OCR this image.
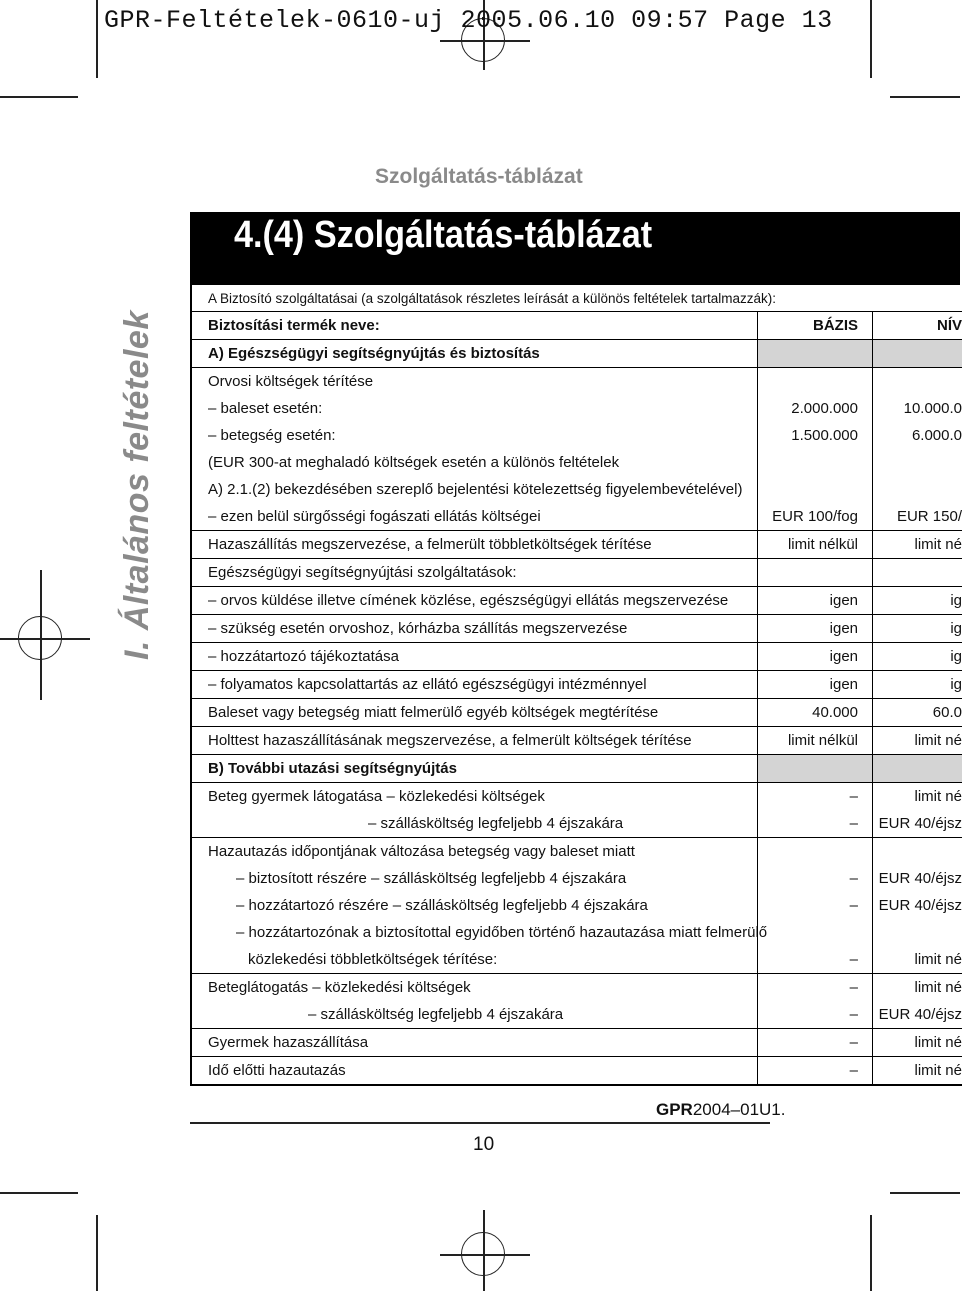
GPR-Feltételek-0610-uj 2005.06.10 09:57 Page 13
I. Általános feltételek
Szolgáltatás-táblázat
4.(4) Szolgáltatás-táblázat
A Biztosító szolgáltatásai (a szolgáltatások részletes leírását a különös feltételek tartalmazzák):
Biztosítási termék neve:	BÁZIS	NÍV
A) Egészségügyi segítségnyújtás és biztosítás
Orvosi költségek térítése
– baleset esetén:	2.000.000	10.000.0
– betegség esetén:	1.500.000	6.000.0
(EUR 300-at meghaladó költségek esetén a különös feltételek
A) 2.1.(2) bekezdésében szereplő bejelentési kötelezettség figyelembevételével)
– ezen belül sürgősségi fogászati ellátás költségei	EUR 100/fog	EUR 150/
Hazaszállítás megszervezése, a felmerült többletköltségek térítése	limit nélkül	limit né
Egészségügyi segítségnyújtási szolgáltatások:
– orvos küldése illetve címének közlése, egészségügyi ellátás megszervezése	igen	ig
– szükség esetén orvoshoz, kórházba szállítás megszervezése	igen	ig
– hozzátartozó tájékoztatása	igen	ig
– folyamatos kapcsolattartás az ellátó egészségügyi intézménnyel	igen	ig
Baleset vagy betegség miatt felmerülő egyéb költségek megtérítése	40.000	60.0
Holttest hazaszállításának megszervezése, a felmerült költségek térítése	limit nélkül	limit né
B) További utazási segítségnyújtás
Beteg gyermek látogatása – közlekedési költségek	–	limit né
– szállásköltség legfeljebb 4 éjszakára	–	EUR 40/éjsz
Hazautazás időpontjának változása betegség vagy baleset miatt
– biztosított részére – szállásköltség legfeljebb 4 éjszakára	–	EUR 40/éjsz
– hozzátartozó részére – szállásköltség legfeljebb 4 éjszakára	–	EUR 40/éjsz
– hozzátartozónak a biztosítottal egyidőben történő hazautazása miatt felmerülő
közlekedési többletköltségek térítése:	–	limit né
Beteglátogatás – közlekedési költségek	–	limit né
– szállásköltség legfeljebb 4 éjszakára	–	EUR 40/éjsz
Gyermek hazaszállítása	–	limit né
Idő előtti hazautazás	–	limit né
GPR2004–01U1.
10
